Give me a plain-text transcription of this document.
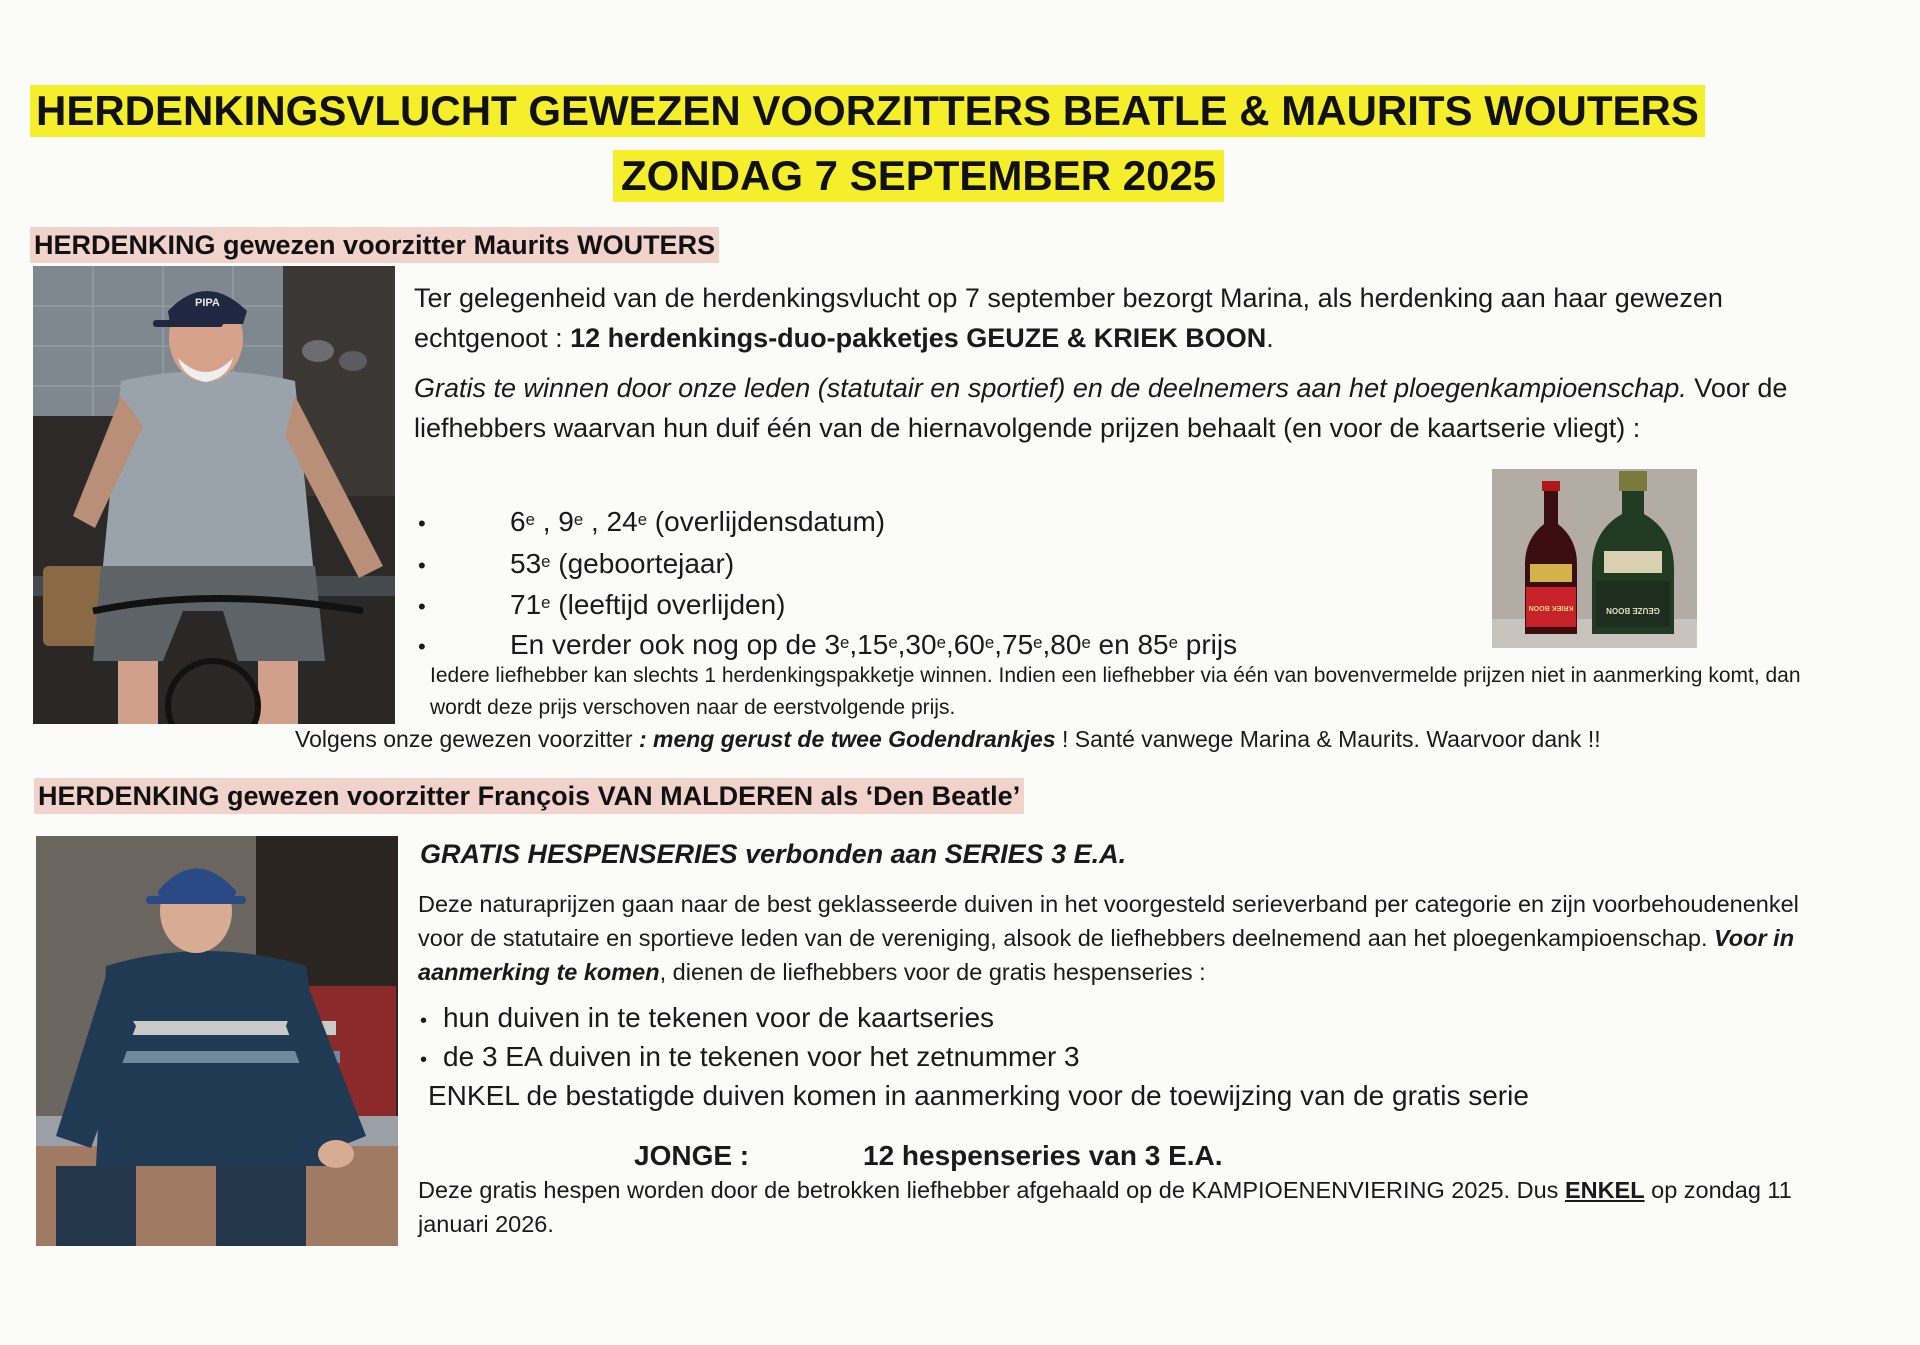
HERDENKINGSVLUCHT GEWEZEN VOORZITTERS BEATLE & MAURITS WOUTERS
ZONDAG 7 SEPTEMBER 2025
HERDENKING gewezen voorzitter Maurits WOUTERS
PIPA	Ter gelegenheid van de herdenkingsvlucht op 7 september bezorgt Marina, als herdenking aan haar gewezen echtgenoot : 12 herdenkings-duo-pakketjes GEUZE & KRIEK BOON.

Gratis te winnen door onze leden (statutair en sportief) en de deelnemers aan het ploegenkampioenschap. Voor de liefhebbers waarvan hun duif één van de hiernavolgende prijzen behaalt (en voor de kaartserie vliegt) :

•	6e , 9e , 24e (overlijdensdatum)
•	53e (geboortejaar)
•	71e (leeftijd overlijden)
•	En verder ook nog op de 3e,15e,30e,60e,75e,80e en 85e prijs
KRIEK BOON	GEUZE BOON

Iedere liefhebber kan slechts 1 herdenkingspakketje winnen. Indien een liefhebber via één van bovenvermelde prijzen niet in aanmerking komt, dan wordt deze prijs verschoven naar de eerstvolgende prijs.

Volgens onze gewezen voorzitter : meng gerust de twee Godendrankjes ! Santé vanwege Marina & Maurits. Waarvoor dank !!

HERDENKING gewezen voorzitter François VAN MALDEREN als ‘Den Beatle’

GRATIS HESPENSERIES verbonden aan SERIES 3 E.A.

Deze naturaprijzen gaan naar de best geklasseerde duiven in het voorgesteld serieverband per categorie en zijn voorbehoudenenkel voor de statutaire en sportieve leden van de vereniging, alsook de liefhebbers deelnemend aan het ploegenkampioenschap. Voor in aanmerking te komen, dienen de liefhebbers voor de gratis hespenseries :

• hun duiven in te tekenen voor de kaartseries
• de 3 EA duiven in te tekenen voor het zetnummer 3

ENKEL de bestatigde duiven komen in aanmerking voor de toewijzing van de gratis serie

JONGE :	12 hespenseries van 3 E.A.

Deze gratis hespen worden door de betrokken liefhebber afgehaald op de KAMPIOENENVIERING 2025. Dus ENKEL op zondag 11 januari 2026.
